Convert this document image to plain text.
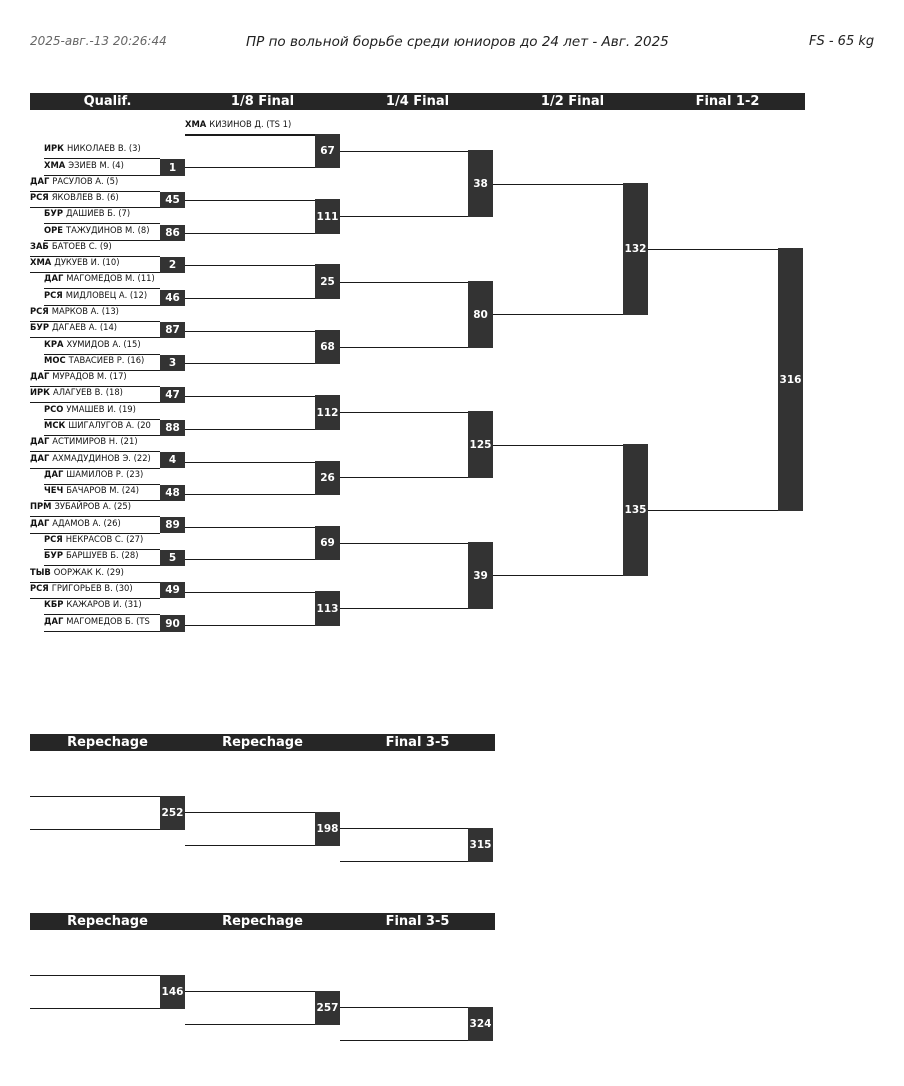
2025-авг.-13 20:26:44	ПР по вольной борьбе среди юниоров до 24 лет - Авг. 2025	FS - 65 kg
Qualif.	1/8 Final	1/4 Final	1/2 Final	Final 1-2
ХМА КИЗИНОВ Д. (TS 1)
ИРК НИКОЛАЕВ В. (3)
ХМА ЭЗИЕВ М. (4)
ДАГ РАСУЛОВ А. (5)
РСЯ ЯКОВЛЕВ В. (6)
БУР ДАШИЕВ Б. (7)
ОРЕ ТАЖУДИНОВ М. (8)
ЗАБ БАТОЕВ С. (9)
ХМА ДУКУЕВ И. (10)
ДАГ МАГОМЕДОВ М. (11)
РСЯ МИДЛОВЕЦ А. (12)
РСЯ МАРКОВ А. (13)
БУР ДАГАЕВ А. (14)
КРА ХУМИДОВ А. (15)
МОС ТАВАСИЕВ Р. (16)
ДАГ МУРАДОВ М. (17)
ИРК АЛАГУЕВ В. (18)
РСО УМАШЕВ И. (19)
МСК ШИГАЛУГОВ А. (20
ДАГ АСТИМИРОВ Н. (21)
ДАГ АХМАДУДИНОВ Э. (22)
ДАГ ШАМИЛОВ Р. (23)
ЧЕЧ БАЧАРОВ М. (24)
ПРМ ЗУБАЙРОВ А. (25)
ДАГ АДАМОВ А. (26)
РСЯ НЕКРАСОВ С. (27)
БУР БАРШУЕВ Б. (28)
ТЫВ ООРЖАК К. (29)
РСЯ ГРИГОРЬЕВ В. (30)
КБР КАЖАРОВ И. (31)
ДАГ МАГОМЕДОВ Б. (TS
1
45
86
2
46
87
3
47
88
4
48
89
5
49
90
67
111
25
68
112
26
69
113
38
80
125
39
132
135
316
Repechage	Repechage	Final 3-5
Repechage	Repechage	Final 3-5
252
198
315
146
257
324
